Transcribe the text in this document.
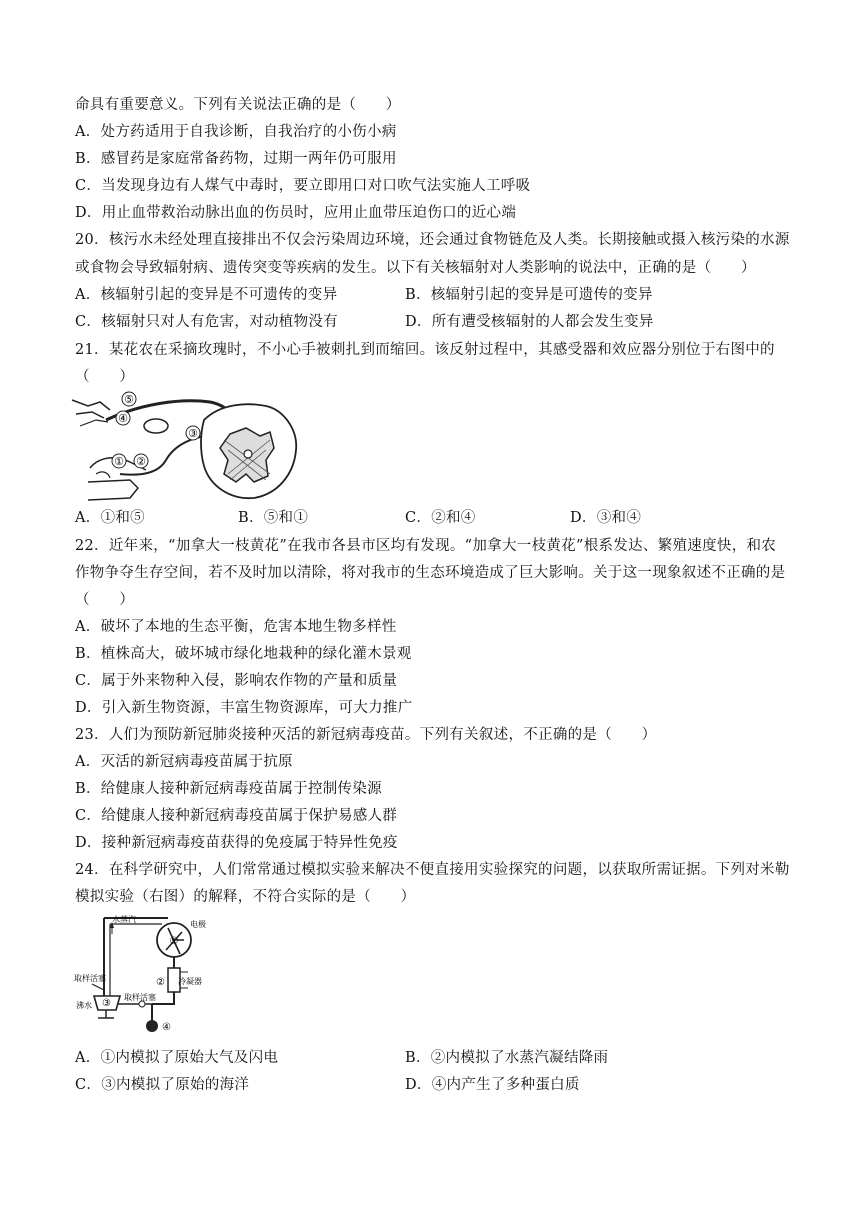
命具有重要意义。下列有关说法正确的是（　　）
A．处方药适用于自我诊断，自我治疗的小伤小病
B．感冒药是家庭常备药物，过期一两年仍可服用
C．当发现身边有人煤气中毒时，要立即用口对口吹气法实施人工呼吸
D．用止血带救治动脉出血的伤员时，应用止血带压迫伤口的近心端
20．核污水未经处理直接排出不仅会污染周边环境，还会通过食物链危及人类。长期接触或摄入核污染的水源
或食物会导致辐射病、遗传突变等疾病的发生。以下有关核辐射对人类影响的说法中，正确的是（　　）
A．核辐射引起的变异是不可遗传的变异	B．核辐射引起的变异是可遗传的变异
C．核辐射只对人有危害，对动植物没有	D．所有遭受核辐射的人都会发生变异
21．某花农在采摘玫瑰时，不小心手被刺扎到而缩回。该反射过程中，其感受器和效应器分别位于右图中的
（　　）
⑤
④
③
① ②
A．①和⑤	B．⑤和①	C．②和④	D．③和④
22．近年来，“加拿大一枝黄花”在我市各县市区均有发现。“加拿大一枝黄花”根系发达、繁殖速度快，和农
作物争夺生存空间，若不及时加以清除，将对我市的生态环境造成了巨大影响。关于这一现象叙述不正确的是
（　　）
A．破坏了本地的生态平衡，危害本地生物多样性
B．植株高大，破坏城市绿化地栽种的绿化灌木景观
C．属于外来物种入侵，影响农作物的产量和质量
D．引入新生物资源，丰富生物资源库，可大力推广
23．人们为预防新冠肺炎接种灭活的新冠病毒疫苗。下列有关叙述，不正确的是（　　）
A．灭活的新冠病毒疫苗属于抗原
B．给健康人接种新冠病毒疫苗属于控制传染源
C．给健康人接种新冠病毒疫苗属于保护易感人群
D．接种新冠病毒疫苗获得的免疫属于特异性免疫
24．在科学研究中，人们常常通过模拟实验来解决不便直接用实验探究的问题，以获取所需证据。下列对米勒
模拟实验（右图）的解释，不符合实际的是（　　）
水蒸汽
电极
①
② 冷凝器
取样活塞
取样活塞
沸水 ③
④
A．①内模拟了原始大气及闪电	B．②内模拟了水蒸汽凝结降雨
C．③内模拟了原始的海洋	D．④内产生了多种蛋白质
